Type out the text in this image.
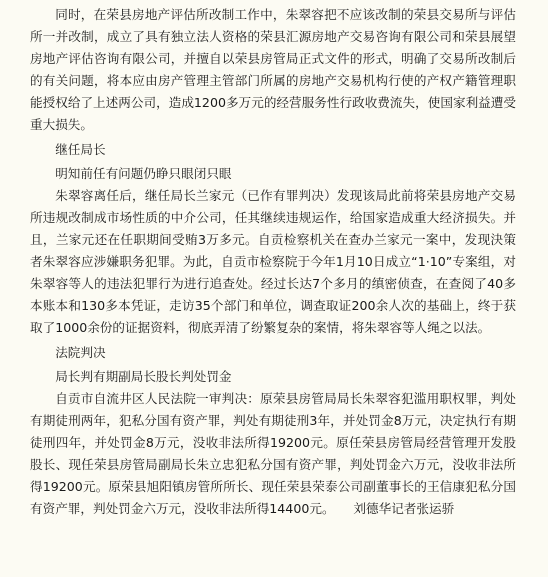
同时，在荣县房地产评估所改制工作中，朱翠容把不应该改制的荣县交易所与评估所一并改制，成立了具有独立法人资格的荣县汇源房地产交易咨询有限公司和荣县展望房地产评估咨询有限公司，并擅自以荣县房管局正式文件的形式，明确了交易所改制后的有关问题，将本应由房产管理主管部门所属的房地产交易机构行使的产权产籍管理职能授权给了上述两公司，造成1200多万元的经营服务性行政收费流失，使国家利益遭受重大损失。

继任局长

明知前任有问题仍睁只眼闭只眼

朱翠容离任后，继任局长兰家元（已作有罪判决）发现该局此前将荣县房地产交易所违规改制成市场性质的中介公司，任其继续违规运作，给国家造成重大经济损失。并且，兰家元还在任职期间受贿3万多元。自贡检察机关在查办兰家元一案中，发现決策者朱翠容应涉嫌职务犯罪。为此，自贡市检察院于今年1月10日成立“1·10”专案组，对朱翠容等人的违法犯罪行为进行追查处。经过长达7个多月的缜密侦查，在查阅了40多本账本和130多本凭证，走访35个部门和单位，调查取证200余人次的基础上，终于获取了1000余份的证据资料，彻底弄清了纷繁复杂的案情，将朱翠容等人绳之以法。

法院判决

局长判有期副局长股长判处罚金

自贡市自流井区人民法院一审判决：原荣县房管局局长朱翠容犯滥用职权罪，判处有期徒刑两年，犯私分国有资产罪，判处有期徒刑3年，并处罚金8万元，决定执行有期徒刑四年，并处罚金8万元，没收非法所得19200元。原任荣县房管局经营管理开发股股长、现任荣县房管局副局长朱立忠犯私分国有资产罪，判处罚金六万元，没收非法所得19200元。原荣县旭阳镇房管所所长、现任荣县荣泰公司副董事长的王信康犯私分国有资产罪，判处罚金六万元，没收非法所得14400元。　　刘德华记者张运骄
